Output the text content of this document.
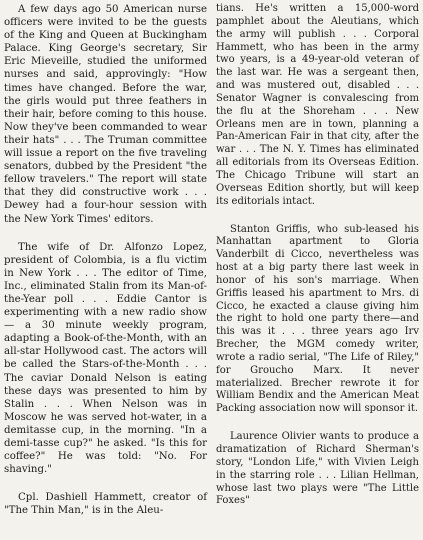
A few days ago 50 American nurse officers were invited to be the guests of the King and Queen at Buckingham Palace. King George's secretary, Sir Eric Mieveille, studied the uniformed nurses and said, approvingly: "How times have changed. Before the war, the girls would put three feathers in their hair, before coming to this house. Now they've been commanded to wear their hats" . . . The Truman committee will issue a report on the five traveling senators, dubbed by the President "the fellow travelers." The report will state that they did constructive work . . . Dewey had a four-hour session with the New York Times' editors.

The wife of Dr. Alfonzo Lopez, president of Colombia, is a flu victim in New York . . . The editor of Time, Inc., eliminated Stalin from its Man-of-the-Year poll . . . Eddie Cantor is experimenting with a new radio show — a 30 minute weekly program, adapting a Book-of-the-Month, with an all-star Hollywood cast. The actors will be called the Stars-of-the-Month . . . The caviar Donald Nelson is eating these days was presented to him by Stalin . . . When Nelson was in Moscow he was served hot-water, in a demitasse cup, in the morning. "In a demi-tasse cup?" he asked. "Is this for coffee?" He was told: "No. For shaving."

Cpl. Dashiell Hammett, creator of "The Thin Man," is in the Aleu-

tians. He's written a 15,000-word pamphlet about the Aleutians, which the army will publish . . . Corporal Hammett, who has been in the army two years, is a 49-year-old veteran of the last war. He was a sergeant then, and was mustered out, disabled . . . Senator Wagner is convalescing from the flu at the Shoreham . . . New Orleans men are in town, planning a Pan-American Fair in that city, after the war . . . The N. Y. Times has eliminated all editorials from its Overseas Edition. The Chicago Tribune will start an Overseas Edition shortly, but will keep its editorials intact.

Stanton Griffis, who sub-leased his Manhattan apartment to Gloria Vanderbilt di Cicco, nevertheless was host at a big party there last week in honor of his son's marriage. When Griffis leased his apartment to Mrs. di Cicco, he exacted a clause giving him the right to hold one party there—and this was it . . . three years ago Irv Brecher, the MGM comedy writer, wrote a radio serial, "The Life of Riley," for Groucho Marx. It never materialized. Brecher rewrote it for William Bendix and the American Meat Packing association now will sponsor it.

Laurence Olivier wants to produce a dramatization of Richard Sherman's story, "London Life," with Vivien Leigh in the starring role . . . Lilian Hellman, whose last two plays were "The Little Foxes"
